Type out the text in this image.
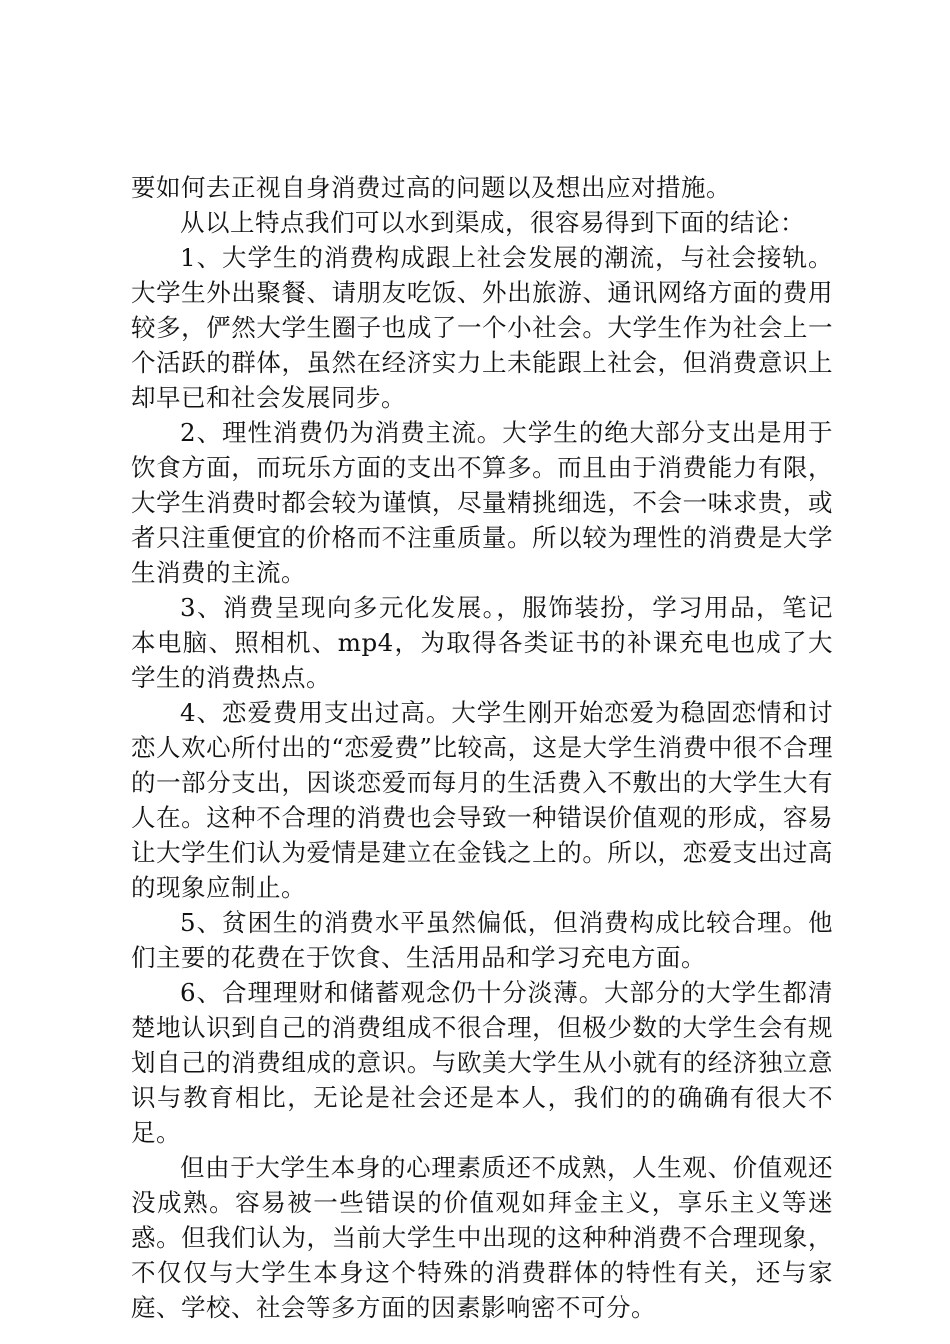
要如何去正视自身消费过高的问题以及想出应对措施。

从以上特点我们可以水到渠成，很容易得到下面的结论：

1、大学生的消费构成跟上社会发展的潮流，与社会接轨。大学生外出聚餐、请朋友吃饭、外出旅游、通讯网络方面的费用较多，俨然大学生圈子也成了一个小社会。大学生作为社会上一个活跃的群体，虽然在经济实力上未能跟上社会，但消费意识上却早已和社会发展同步。

2、理性消费仍为消费主流。大学生的绝大部分支出是用于饮食方面，而玩乐方面的支出不算多。而且由于消费能力有限，大学生消费时都会较为谨慎，尽量精挑细选，不会一味求贵，或者只注重便宜的价格而不注重质量。所以较为理性的消费是大学生消费的主流。

3、消费呈现向多元化发展。，服饰装扮，学习用品，笔记本电脑、照相机、mp4，为取得各类证书的补课充电也成了大学生的消费热点。

4、恋爱费用支出过高。大学生刚开始恋爱为稳固恋情和讨恋人欢心所付出的“恋爱费”比较高，这是大学生消费中很不合理的一部分支出，因谈恋爱而每月的生活费入不敷出的大学生大有人在。这种不合理的消费也会导致一种错误价值观的形成，容易让大学生们认为爱情是建立在金钱之上的。所以，恋爱支出过高的现象应制止。

5、贫困生的消费水平虽然偏低，但消费构成比较合理。他们主要的花费在于饮食、生活用品和学习充电方面。

6、合理理财和储蓄观念仍十分淡薄。大部分的大学生都清楚地认识到自己的消费组成不很合理，但极少数的大学生会有规划自己的消费组成的意识。与欧美大学生从小就有的经济独立意识与教育相比，无论是社会还是本人，我们的的确确有很大不足。

但由于大学生本身的心理素质还不成熟，人生观、价值观还没成熟。容易被一些错误的价值观如拜金主义，享乐主义等迷惑。但我们认为，当前大学生中出现的这种种消费不合理现象，不仅仅与大学生本身这个特殊的消费群体的特性有关，还与家庭、学校、社会等多方面的因素影响密不可分。
